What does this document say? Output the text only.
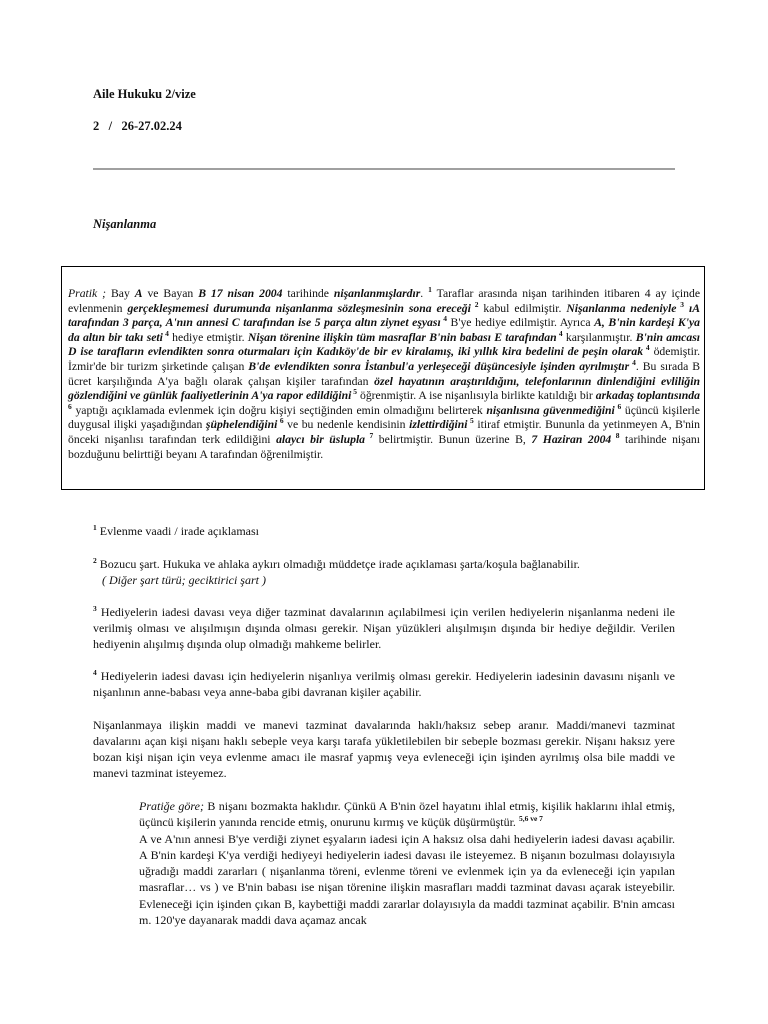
Aile Hukuku 2/vize
2   /   26-27.02.24
Nişanlanma
Pratik ; Bay A ve Bayan B 17 nisan 2004 tarihinde nişanlanmışlardır. $^1$ Taraflar arasında nişan tarihinden itibaren 4 ay içinde evlenmenin gerçekleşmemesi durumunda nişanlanma sözleşmesinin sona ereceği $^2$ kabul edilmiştir. Nişanlanma nedeniyle $^3$ ıA tarafından 3 parça, A'nın annesi C tarafından ise 5 parça altın ziynet eşyası $^4$ B'ye hediye edilmiştir. Ayrıca A, B'nin kardeşi K'ya da altın bir takı seti $^4$ hediye etmiştir. Nişan törenine ilişkin tüm masraflar B'nin babası E tarafından $^4$ karşılanmıştır. B'nin amcası D ise tarafların evlendikten sonra oturmaları için Kadıköy'de bir ev kiralamış, iki yıllık kira bedelini de peşin olarak $^4$ ödemiştir. İzmir'de bir turizm şirketinde çalışan B'de evlendikten sonra İstanbul'a yerleşeceği düşüncesiyle işinden ayrılmıştır $^4$. Bu sırada B ücret karşılığında A'ya bağlı olarak çalışan kişiler tarafından özel hayatının araştırıldığını, telefonlarının dinlendiğini evliliğin gözlendiğini ve günlük faaliyetlerinin A'ya rapor edildiğini $^5$ öğrenmiştir. A ise nişanlısıyla birlikte katıldığı bir arkadaş toplantısında $^6$ yaptığı açıklamada evlenmek için doğru kişiyi seçtiğinden emin olmadığını belirterek nişanlısına güvenmediğini $^6$ üçüncü kişilerle duygusal ilişki yaşadığından şüphelendiğini $^6$ ve bu nedenle kendisinin izlettirdiğini $^5$ itiraf etmiştir. Bununla da yetinmeyen A, B'nin önceki nişanlısı tarafından terk edildiğini alaycı bir üslupla $^7$ belirtmiştir. Bunun üzerine B, 7 Haziran 2004 $^8$ tarihinde nişanı bozduğunu belirttiği beyanı A tarafından öğrenilmiştir.
$^1$ Evlenme vaadi / irade açıklaması
$^2$ Bozucu şart. Hukuka ve ahlaka aykırı olmadığı müddetçe irade açıklaması şarta/koşula bağlanabilir.
( Diğer şart türü; geciktirici şart )
$^3$ Hediyelerin iadesi davası veya diğer tazminat davalarının açılabilmesi için verilen hediyelerin nişanlanma nedeni ile verilmiş olması ve alışılmışın dışında olması gerekir. Nişan yüzükleri alışılmışın dışında bir hediye değildir. Verilen hediyenin alışılmış dışında olup olmadığı mahkeme belirler.
$^4$ Hediyelerin iadesi davası için hediyelerin nişanlıya verilmiş olması gerekir. Hediyelerin iadesinin davasını nişanlı ve nişanlının anne-babası veya anne-baba gibi davranan kişiler açabilir.
Nişanlanmaya ilişkin maddi ve manevi tazminat davalarında haklı/haksız sebep aranır. Maddi/manevi tazminat davalarını açan kişi nişanı haklı sebeple veya karşı tarafa yükletilebilen bir sebeple bozması gerekir. Nişanı haksız yere bozan kişi nişan için veya evlenme amacı ile masraf yapmış veya evleneceği için işinden ayrılmış olsa bile maddi ve manevi tazminat isteyemez.
Pratiğe göre; B nişanı bozmakta haklıdır. Çünkü A B'nin özel hayatını ihlal etmiş, kişilik haklarını ihlal etmiş, üçüncü kişilerin yanında rencide etmiş, onurunu kırmış ve küçük düşürmüştür. $^{5,6 ve 7}$
A ve A'nın annesi B'ye verdiği ziynet eşyaların iadesi için A haksız olsa dahi hediyelerin iadesi davası açabilir. A B'nin kardeşi K'ya verdiği hediyeyi hediyelerin iadesi davası ile isteyemez. B nişanın bozulması dolayısıyla uğradığı maddi zararları ( nişanlanma töreni, evlenme töreni ve evlenmek için ya da evleneceği için yapılan masraflar… vs ) ve B'nin babası ise nişan törenine ilişkin masrafları maddi tazminat davası açarak isteyebilir. Evleneceği için işinden çıkan B, kaybettiği maddi zararlar dolayısıyla da maddi tazminat açabilir. B'nin amcası m. 120'ye dayanarak maddi dava açamaz ancak
